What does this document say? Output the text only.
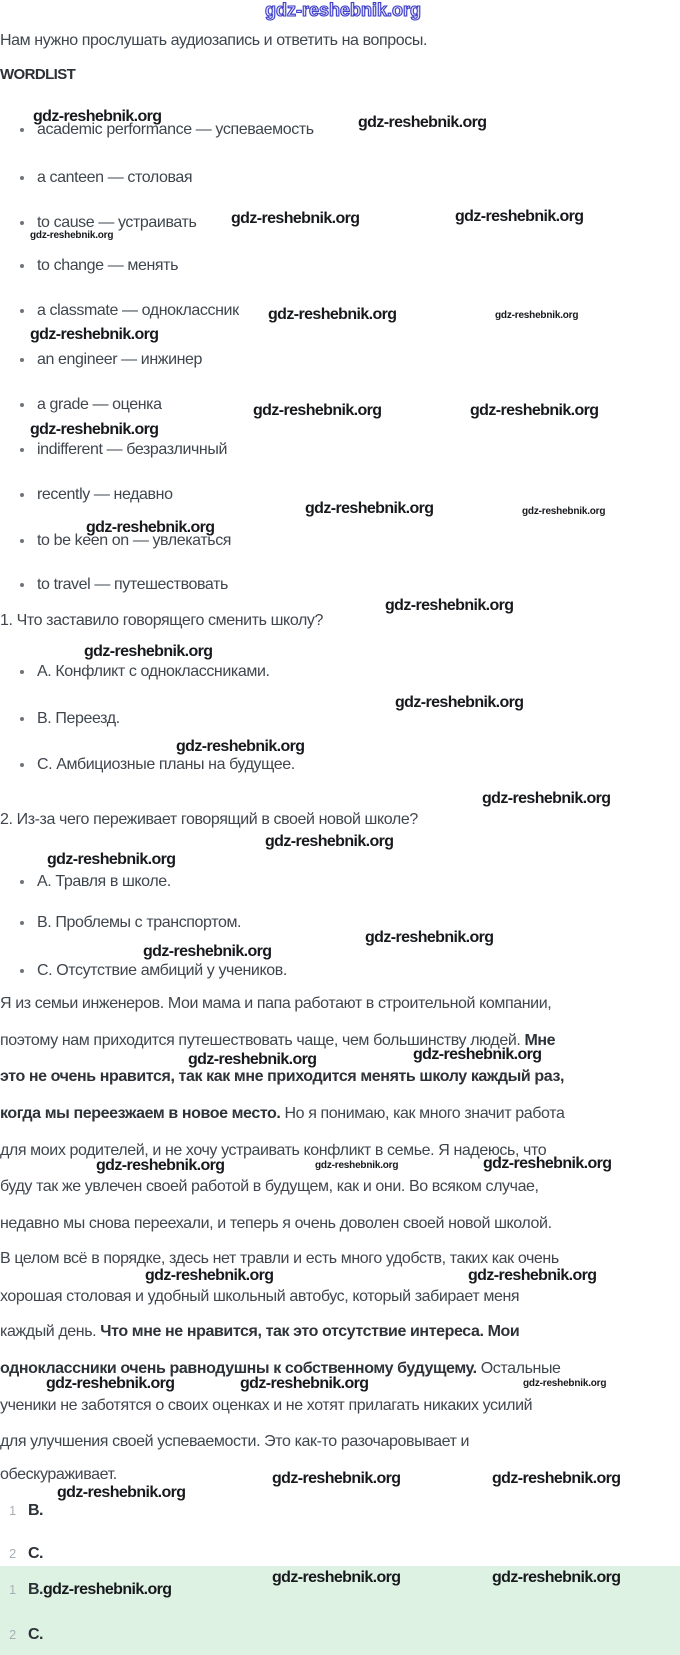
Нам нужно прослушать аудиозапись и ответить на вопросы.
WORDLIST
academic performance — успеваемость
a canteen — столовая
to cause — устраивать
to change — менять
a classmate — одноклассник
an engineer — инжинер
a grade — оценка
indifferent — безразличный
recently — недавно
to be keen on — увлекаться
to travel — путешествовать
1. Что заставило говорящего сменить школу?
А. Конфликт с одноклассниками.
В. Переезд.
С. Амбициозные планы на будущее.
2. Из-за чего переживает говорящий в своей новой школе?
А. Травля в школе.
В. Проблемы с транспортом.
С. Отсутствие амбиций у учеников.
Я из семьи инженеров. Мои мама и папа работают в строительной компании,
поэтому нам приходится путешествовать чаще, чем большинству людей. Мне
это не очень нравится, так как мне приходится менять школу каждый раз,
когда мы переезжаем в новое место. Но я понимаю, как много значит работа
для моих родителей, и не хочу устраивать конфликт в семье. Я надеюсь, что
буду так же увлечен своей работой в будущем, как и они. Во всяком случае,
недавно мы снова переехали, и теперь я очень доволен своей новой школой.
В целом всё в порядке, здесь нет травли и есть много удобств, таких как очень
хорошая столовая и удобный школьный автобус, который забирает меня
каждый день. Что мне не нравится, так это отсутствие интереса. Мои
одноклассники очень равнодушны к собственному будущему. Остальные
ученики не заботятся о своих оценках и не хотят прилагать никаких усилий
для улучшения своей успеваемости. Это как-то разочаровывает и
обескураживает.
1 B.
2 C.
1 B.
2 C.
gdz-reshebnik.org
gdz-reshebnik.org	gdz-reshebnik.org
gdz-reshebnik.org	gdz-reshebnik.org
gdz-reshebnik.org
gdz-reshebnik.org	gdz-reshebnik.org
gdz-reshebnik.org
gdz-reshebnik.org	gdz-reshebnik.org
gdz-reshebnik.org
gdz-reshebnik.org	gdz-reshebnik.org
gdz-reshebnik.org
gdz-reshebnik.org
gdz-reshebnik.org
gdz-reshebnik.org
gdz-reshebnik.org
gdz-reshebnik.org
gdz-reshebnik.org
gdz-reshebnik.org
gdz-reshebnik.org
gdz-reshebnik.org
gdz-reshebnik.org	gdz-reshebnik.org
gdz-reshebnik.org	gdz-reshebnik.org	gdz-reshebnik.org
gdz-reshebnik.org	gdz-reshebnik.org
gdz-reshebnik.org	gdz-reshebnik.org	gdz-reshebnik.org
gdz-reshebnik.org	gdz-reshebnik.org
gdz-reshebnik.org
gdz-reshebnik.org	gdz-reshebnik.org
gdz-reshebnik.org
